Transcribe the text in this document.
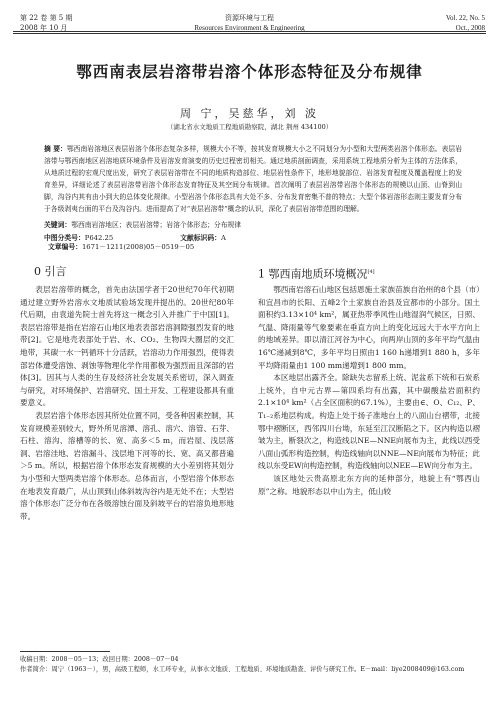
第 22 卷 第 5 期
2008 年 10 月
资源环境与工程
Resources Environment & Engineering
Vol. 22, No. 5
Oct., 2008
鄂西南表层岩溶带岩溶个体形态特征及分布规律
周 宁，吴慈华，刘 波
（湖北省水文地质工程地质勘察院，湖北 荆州 434100）
摘 要：鄂西南岩溶地区表层岩溶个体形态复杂多样，规模大小不等，按其发育规模大小之不同划分为小型和大型两类岩溶个体形态。表层岩溶带与鄂西南地区岩溶地质环境条件及岩溶发育演变的历史过程密切相关。通过地质剖面调查，采用系统工程地质分析为主体的方法体系，从地质过程的宏观尺度出发，研究了表层岩溶带在不同的地质构造部位、地层岩性条件下，地形地貌部位、岩溶发育程度及覆盖程度上的发育差异，详细论述了表层岩溶带岩溶个体形态发育特征及其空间分布规律。首次阐明了表层岩溶带岩溶个体形态的规模以山顶、山脊到山脚，沟谷内其有由小到大的总体变化规律。小型岩溶个体形态具有大处不多、分布发育密集不普的特点；大型个体岩溶形态则主要发育分布于各级剥夷台面的平台及沟谷内。进而提高了对“表层岩溶带”概念的认识，深化了表层岩溶带范围的理解。
关键词：鄂西南岩溶地区；表层岩溶带；岩溶个体形态；分布规律
中图分类号：P642.25	文献标识码：A 文章编号：1671－1211(2008)05－0519－05
0 引言

表层岩溶带的概念，首先由法国学者于20世纪70年代初期通过建立野外岩溶水文地质试验场发现并提出的。20世纪80年代后期，由袁道先院士首先将这一概念引入并推广于中国[1]。表层岩溶带是指在岩溶石山地区地表表部岩溶洞隙强烈发育的地带[2]。它是地壳表部处于岩、水、CO₂、生物四大圈层的交汇地带，其碳一水一钙循环十分活跃，岩溶动力作用强烈，使得表部岩体遭受溶蚀、剥蚀等物理化学作用都极为强烈而且深部的岩体[3]。因其与人类的生存及经济社会发展关系密切，深入调查与研究，对环境保护、岩溶研究、国土开发、工程建设都具有重要意义。

表层岩溶个体形态因其所处位置不同，受各种因素控制，其发育规模差别较大，野外所见溶潭、溶孔、溶穴、溶管、石芽、石柱、溶沟、溶槽等的长、宽、高多＜5 m，而岩屋、浅层落洞、岩溶洼地、岩溶漏斗、浅层地下河等的长、宽、高又都普遍＞5 m。所以，根据岩溶个体形态发育规模的大小差别将其划分为小型和大型两类岩溶个体形态。总体而言，小型岩溶个体形态在地表发育最广，从山顶到山体斜坡沟谷内是无处不在；大型岩溶个体形态广泛分布在各级溶蚀台面及斜坡平台的岩溶负地形地带。

1 鄂西南地质环境概况[4]

鄂西南岩溶石山地区包括恩施土家族苗族自治州的8个县（市）和宜昌市的长阳、五峰2个土家族自治县及宜都市的小部分。国土面积约3.13×10⁴ km²，属亚热带季风性山地湿润气候区，日照、气温、降雨量等气象要素在垂直方向上的变化远远大于水平方向上的地域差异。即以清江河谷为中心，向两岸山顶的多年平均气温由16℃递减到8℃，多年平均日照由1 160 h递增到1 880 h，多年平均降雨量由1 100 mm递增到1 800 mm。

本区地层出露齐全。除缺失志留系上统、泥盆系下统和石炭系上统外，自中元古界—第四系均有出露，其中碳酸盐岩面积约2.1×10⁴ km²（占全区面积的67.1%），主要由∈、O、C₁₂、P、T₁₋₂系地层构成。构造上处于扬子准地台上的八面山台褶带，北接鄂中褶断区，西邻四川台坳，东延至江汉断陷之下。区内构造以褶皱为主，断裂次之，构造线以NE—NNE向展布为主，此线以西受八面山弧形构造控制，构造线轴向以NNE—NE向展布为特征；此线以东受EW向构造控制，构造线轴向以NEE—EW向分布为主。

该区地处云贵高原北东方向的延伸部分，地貌上有“鄂西山原”之称。地貌形态以中山为主，低山较

收稿日期：2008－05－13；改回日期：2008－07－04
作者简介：周宁（1963－），男，高级工程师，水工环专业，从事水文地质、工程地质、环境地质勘查、评价与研究工作。E－mail：liye2008409@163.com
